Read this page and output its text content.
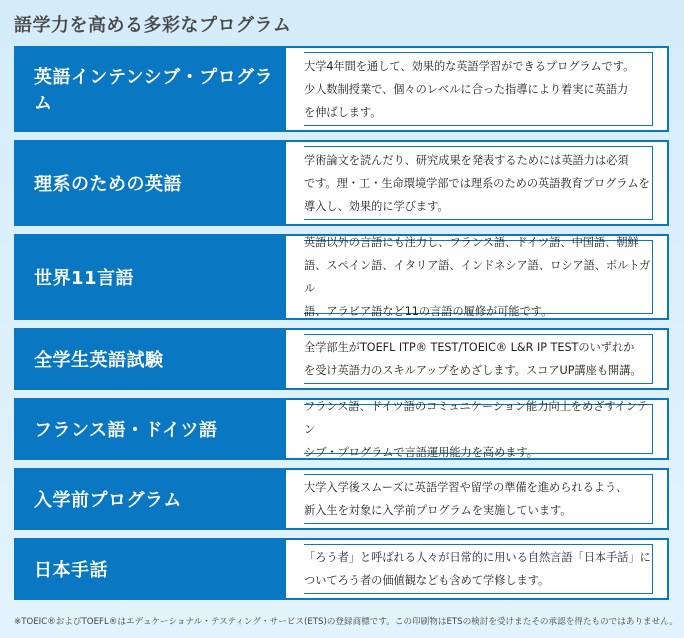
語学力を高める多彩なプログラム
英語インテンシブ・プログラム
大学4年間を通して、効果的な英語学習ができるプログラムです。
少人数制授業で、個々のレベルに合った指導により着実に英語力
を伸ばします。
理系のための英語
学術論文を読んだり、研究成果を発表するためには英語力は必須
です。理・工・生命環境学部では理系のための英語教育プログラムを
導入し、効果的に学びます。
世界11言語
英語以外の言語にも注力し、フランス語、ドイツ語、中国語、朝鮮
語、スペイン語、イタリア語、インドネシア語、ロシア語、ポルトガル
語、アラビア語など11の言語の履修が可能です。
全学生英語試験
全学部生がTOEFL ITP® TEST/TOEIC® L&R IP TESTのいずれか
を受け英語力のスキルアップをめざします。スコアUP講座も開講。
フランス語・ドイツ語
フランス語、ドイツ語のコミュニケーション能力向上をめざすインテン
シブ・プログラムで言語運用能力を高めます。
入学前プログラム
大学入学後スムーズに英語学習や留学の準備を進められるよう、
新入生を対象に入学前プログラムを実施しています。
日本手話
「ろう者」と呼ばれる人々が日常的に用いる自然言語「日本手話」に
ついてろう者の価値観なども含めて学修します。
※TOEIC®およびTOEFL®はエデュケーショナル・テスティング・サービス(ETS)の登録商標です。この印刷物はETSの検討を受けまたその承認を得たものではありません。
